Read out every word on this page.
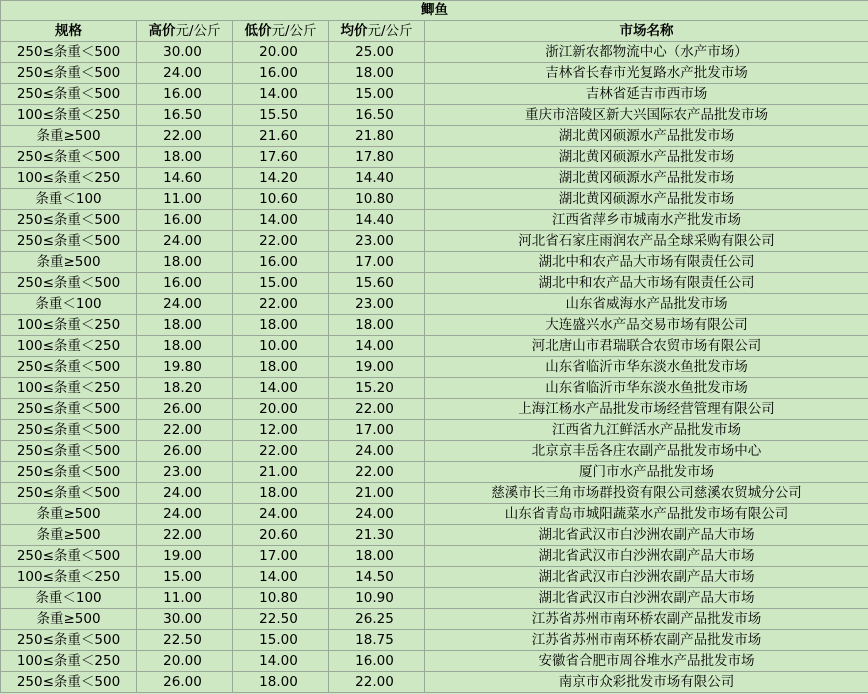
鲫鱼				
规格	高价元/公斤	低价元/公斤	均价元/公斤	市场名称
250≤条重＜500	30.00	20.00	25.00	浙江新农都物流中心（水产市场）
250≤条重＜500	24.00	16.00	18.00	吉林省长春市光复路水产批发市场
250≤条重＜500	16.00	14.00	15.00	吉林省延吉市西市场
100≤条重＜250	16.50	15.50	16.50	重庆市涪陵区新大兴国际农产品批发市场
条重≥500	22.00	21.60	21.80	湖北黄冈硕源水产品批发市场
250≤条重＜500	18.00	17.60	17.80	湖北黄冈硕源水产品批发市场
100≤条重＜250	14.60	14.20	14.40	湖北黄冈硕源水产品批发市场
条重＜100	11.00	10.60	10.80	湖北黄冈硕源水产品批发市场
250≤条重＜500	16.00	14.00	14.40	江西省萍乡市城南水产批发市场
250≤条重＜500	24.00	22.00	23.00	河北省石家庄雨润农产品全球采购有限公司
条重≥500	18.00	16.00	17.00	湖北中和农产品大市场有限责任公司
250≤条重＜500	16.00	15.00	15.60	湖北中和农产品大市场有限责任公司
条重＜100	24.00	22.00	23.00	山东省威海水产品批发市场
100≤条重＜250	18.00	18.00	18.00	大连盛兴水产品交易市场有限公司
100≤条重＜250	18.00	10.00	14.00	河北唐山市君瑞联合农贸市场有限公司
250≤条重＜500	19.80	18.00	19.00	山东省临沂市华东淡水鱼批发市场
100≤条重＜250	18.20	14.00	15.20	山东省临沂市华东淡水鱼批发市场
250≤条重＜500	26.00	20.00	22.00	上海江杨水产品批发市场经营管理有限公司
250≤条重＜500	22.00	12.00	17.00	江西省九江鲜活水产品批发市场
250≤条重＜500	26.00	22.00	24.00	北京京丰岳各庄农副产品批发市场中心
250≤条重＜500	23.00	21.00	22.00	厦门市水产品批发市场
250≤条重＜500	24.00	18.00	21.00	慈溪市长三角市场群投资有限公司慈溪农贸城分公司
条重≥500	24.00	24.00	24.00	山东省青岛市城阳蔬菜水产品批发市场有限公司
条重≥500	22.00	20.60	21.30	湖北省武汉市白沙洲农副产品大市场
250≤条重＜500	19.00	17.00	18.00	湖北省武汉市白沙洲农副产品大市场
100≤条重＜250	15.00	14.00	14.50	湖北省武汉市白沙洲农副产品大市场
条重＜100	11.00	10.80	10.90	湖北省武汉市白沙洲农副产品大市场
条重≥500	30.00	22.50	26.25	江苏省苏州市南环桥农副产品批发市场
250≤条重＜500	22.50	15.00	18.75	江苏省苏州市南环桥农副产品批发市场
100≤条重＜250	20.00	14.00	16.00	安徽省合肥市周谷堆水产品批发市场
250≤条重＜500	26.00	18.00	22.00	南京市众彩批发市场有限公司
